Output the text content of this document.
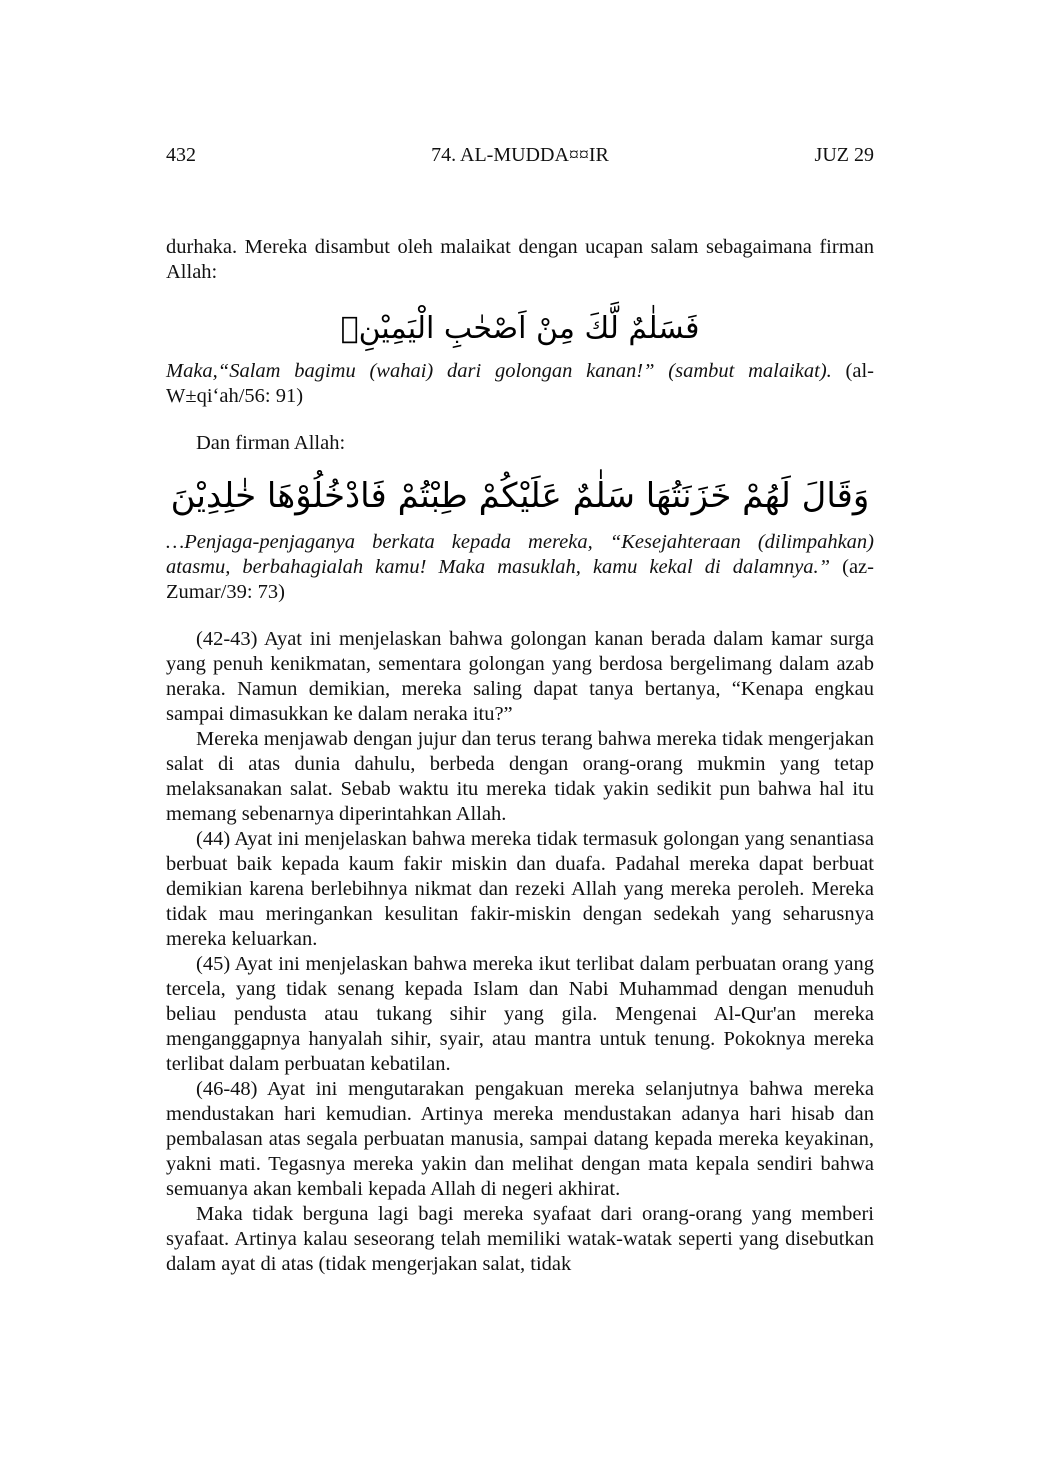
432	74. AL-MUDDA¤¤IR	JUZ 29

durhaka. Mereka disambut oleh malaikat dengan ucapan salam sebagaimana firman Allah:

فَسَلٰمٌ لَّكَ مِنْ اَصْحٰبِ الْيَمِيْنِۗ

Maka,“Salam bagimu (wahai) dari golongan kanan!” (sambut malaikat). (al-W±qi‘ah/56: 91)

Dan firman Allah:

وَقَالَ لَهُمْ خَزَنَتُهَا سَلٰمٌ عَلَيْكُمْ طِبْتُمْ فَادْخُلُوْهَا خٰلِدِيْنَ

…Penjaga-penjaganya berkata kepada mereka, “Kesejahteraan (dilimpahkan) atasmu, berbahagialah kamu! Maka masuklah, kamu kekal di dalamnya.” (az-Zumar/39: 73)

(42-43) Ayat ini menjelaskan bahwa golongan kanan berada dalam kamar surga yang penuh kenikmatan, sementara golongan yang berdosa bergelimang dalam azab neraka. Namun demikian, mereka saling dapat tanya bertanya, “Kenapa engkau sampai dimasukkan ke dalam neraka itu?”

Mereka menjawab dengan jujur dan terus terang bahwa mereka tidak mengerjakan salat di atas dunia dahulu, berbeda dengan orang-orang mukmin yang tetap melaksanakan salat. Sebab waktu itu mereka tidak yakin sedikit pun bahwa hal itu memang sebenarnya diperintahkan Allah.

(44) Ayat ini menjelaskan bahwa mereka tidak termasuk golongan yang senantiasa berbuat baik kepada kaum fakir miskin dan duafa. Padahal mereka dapat berbuat demikian karena berlebihnya nikmat dan rezeki Allah yang mereka peroleh. Mereka tidak mau meringankan kesulitan fakir-miskin dengan sedekah yang seharusnya mereka keluarkan.

(45) Ayat ini menjelaskan bahwa mereka ikut terlibat dalam perbuatan orang yang tercela, yang tidak senang kepada Islam dan Nabi Muhammad dengan menuduh beliau pendusta atau tukang sihir yang gila. Mengenai Al-Qur'an mereka menganggapnya hanyalah sihir, syair, atau mantra untuk tenung. Pokoknya mereka terlibat dalam perbuatan kebatilan.

(46-48) Ayat ini mengutarakan pengakuan mereka selanjutnya bahwa mereka mendustakan hari kemudian. Artinya mereka mendustakan adanya hari hisab dan pembalasan atas segala perbuatan manusia, sampai datang kepada mereka keyakinan, yakni mati. Tegasnya mereka yakin dan melihat dengan mata kepala sendiri bahwa semuanya akan kembali kepada Allah di negeri akhirat.

Maka tidak berguna lagi bagi mereka syafaat dari orang-orang yang memberi syafaat. Artinya kalau seseorang telah memiliki watak-watak seperti yang disebutkan dalam ayat di atas (tidak mengerjakan salat, tidak
